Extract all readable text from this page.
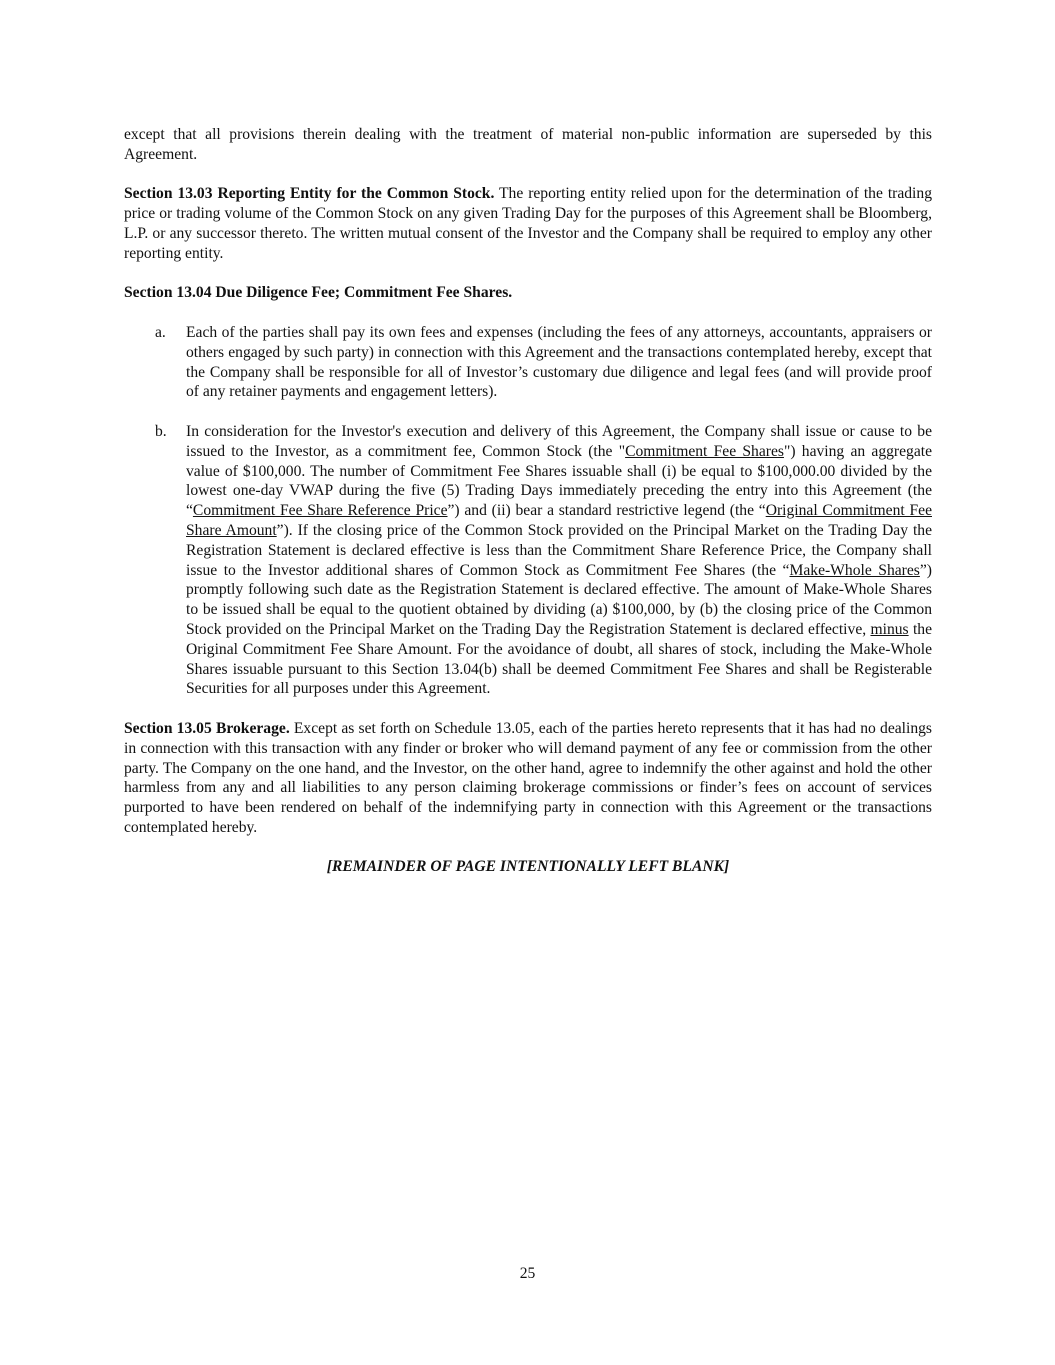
except that all provisions therein dealing with the treatment of material non-public information are superseded by this Agreement.

Section 13.03 Reporting Entity for the Common Stock. The reporting entity relied upon for the determination of the trading price or trading volume of the Common Stock on any given Trading Day for the purposes of this Agreement shall be Bloomberg, L.P. or any successor thereto. The written mutual consent of the Investor and the Company shall be required to employ any other reporting entity.

Section 13.04 Due Diligence Fee; Commitment Fee Shares.

a. Each of the parties shall pay its own fees and expenses (including the fees of any attorneys, accountants, appraisers or others engaged by such party) in connection with this Agreement and the transactions contemplated hereby, except that the Company shall be responsible for all of Investor’s customary due diligence and legal fees (and will provide proof of any retainer payments and engagement letters).

b. In consideration for the Investor's execution and delivery of this Agreement, the Company shall issue or cause to be issued to the Investor, as a commitment fee, Common Stock (the "Commitment Fee Shares") having an aggregate value of $100,000. The number of Commitment Fee Shares issuable shall (i) be equal to $100,000.00 divided by the lowest one-day VWAP during the five (5) Trading Days immediately preceding the entry into this Agreement (the “Commitment Fee Share Reference Price”) and (ii) bear a standard restrictive legend (the “Original Commitment Fee Share Amount”). If the closing price of the Common Stock provided on the Principal Market on the Trading Day the Registration Statement is declared effective is less than the Commitment Share Reference Price, the Company shall issue to the Investor additional shares of Common Stock as Commitment Fee Shares (the “Make-Whole Shares”) promptly following such date as the Registration Statement is declared effective. The amount of Make-Whole Shares to be issued shall be equal to the quotient obtained by dividing (a) $100,000, by (b) the closing price of the Common Stock provided on the Principal Market on the Trading Day the Registration Statement is declared effective, minus the Original Commitment Fee Share Amount. For the avoidance of doubt, all shares of stock, including the Make-Whole Shares issuable pursuant to this Section 13.04(b) shall be deemed Commitment Fee Shares and shall be Registerable Securities for all purposes under this Agreement.

Section 13.05 Brokerage. Except as set forth on Schedule 13.05, each of the parties hereto represents that it has had no dealings in connection with this transaction with any finder or broker who will demand payment of any fee or commission from the other party. The Company on the one hand, and the Investor, on the other hand, agree to indemnify the other against and hold the other harmless from any and all liabilities to any person claiming brokerage commissions or finder’s fees on account of services purported to have been rendered on behalf of the indemnifying party in connection with this Agreement or the transactions contemplated hereby.

[REMAINDER OF PAGE INTENTIONALLY LEFT BLANK]

25
